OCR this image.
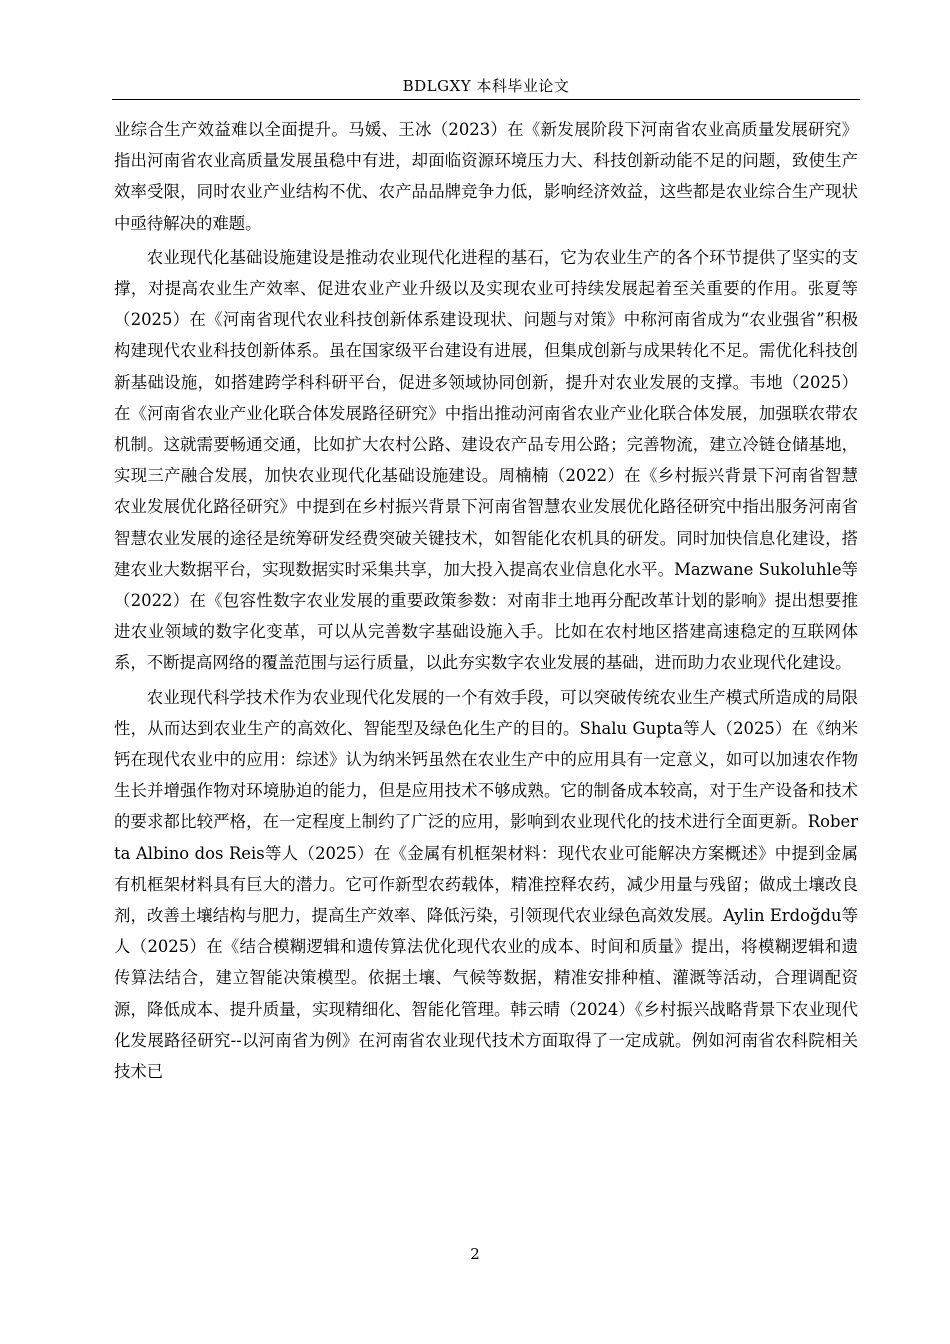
BDLGXY 本科毕业论文

业综合生产效益难以全面提升。马媛、王冰（2023）在《新发展阶段下河南省农业高质量发展研究》指出河南省农业高质量发展虽稳中有进，却面临资源环境压力大、科技创新动能不足的问题，致使生产效率受限，同时农业产业结构不优、农产品品牌竞争力低，影响经济效益，这些都是农业综合生产现状中亟待解决的难题。

农业现代化基础设施建设是推动农业现代化进程的基石，它为农业生产的各个环节提供了坚实的支撑，对提高农业生产效率、促进农业产业升级以及实现农业可持续发展起着至关重要的作用。张夏等（2025）在《河南省现代农业科技创新体系建设现状、问题与对策》中称河南省成为“农业强省”积极构建现代农业科技创新体系。虽在国家级平台建设有进展，但集成创新与成果转化不足。需优化科技创新基础设施，如搭建跨学科科研平台，促进多领域协同创新，提升对农业发展的支撑。韦地（2025）在《河南省农业产业化联合体发展路径研究》中指出推动河南省农业产业化联合体发展，加强联农带农机制。这就需要畅通交通，比如扩大农村公路、建设农产品专用公路；完善物流，建立冷链仓储基地，实现三产融合发展，加快农业现代化基础设施建设。周楠楠（2022）在《乡村振兴背景下河南省智慧农业发展优化路径研究》中提到在乡村振兴背景下河南省智慧农业发展优化路径研究中指出服务河南省智慧农业发展的途径是统筹研发经费突破关键技术，如智能化农机具的研发。同时加快信息化建设，搭建农业大数据平台，实现数据实时采集共享，加大投入提高农业信息化水平。Mazwane Sukoluhle等（2022）在《包容性数字农业发展的重要政策参数：对南非土地再分配改革计划的影响》提出想要推进农业领域的数字化变革，可以从完善数字基础设施入手。比如在农村地区搭建高速稳定的互联网体系，不断提高网络的覆盖范围与运行质量，以此夯实数字农业发展的基础，进而助力农业现代化建设。

农业现代科学技术作为农业现代化发展的一个有效手段，可以突破传统农业生产模式所造成的局限性，从而达到农业生产的高效化、智能型及绿色化生产的目的。Shalu Gupta等人（2025）在《纳米钙在现代农业中的应用：综述》认为纳米钙虽然在农业生产中的应用具有一定意义，如可以加速农作物生长并增强作物对环境胁迫的能力，但是应用技术不够成熟。它的制备成本较高，对于生产设备和技术的要求都比较严格，在一定程度上制约了广泛的应用，影响到农业现代化的技术进行全面更新。Roberta Albino dos Reis等人（2025）在《金属有机框架材料：现代农业可能解决方案概述》中提到金属有机框架材料具有巨大的潜力。它可作新型农药载体，精准控释农药，减少用量与残留；做成土壤改良剂，改善土壤结构与肥力，提高生产效率、降低污染，引领现代农业绿色高效发展。Aylin Erdoğdu等人（2025）在《结合模糊逻辑和遗传算法优化现代农业的成本、时间和质量》提出，将模糊逻辑和遗传算法结合，建立智能决策模型。依据土壤、气候等数据，精准安排种植、灌溉等活动，合理调配资源，降低成本、提升质量，实现精细化、智能化管理。韩云晴（2024）《乡村振兴战略背景下农业现代化发展路径研究--以河南省为例》在河南省农业现代技术方面取得了一定成就。例如河南省农科院相关技术已

2
